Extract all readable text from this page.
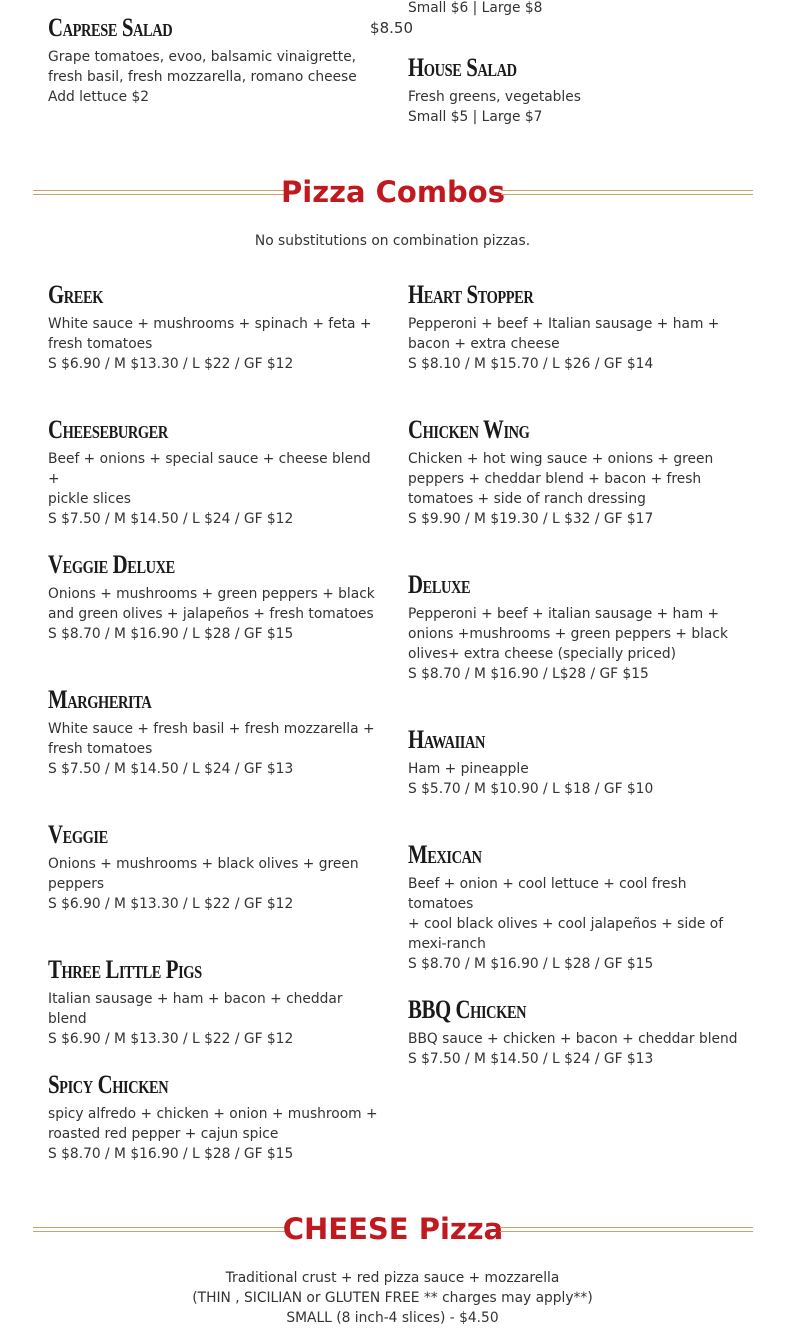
Caprese Salad	$8.50

Grape tomatoes, evoo, balsamic vinaigrette,

fresh basil, fresh mozzarella, romano cheese

Add lettuce $2

Small $6 | Large $8

House Salad

Fresh greens, vegetables

Small $5 | Large $7

Pizza Combos

No substitutions on combination pizzas.

Greek

White sauce + mushrooms + spinach + feta +

fresh tomatoes

S $6.90 / M $13.30 / L $22 / GF $12

Cheeseburger

Beef + onions + special sauce + cheese blend +

pickle slices

S $7.50 / M $14.50 / L $24 / GF $12

Veggie Deluxe

Onions + mushrooms + green peppers + black

and green olives + jalapeños + fresh tomatoes

S $8.70 / M $16.90 / L $28 / GF $15

Margherita

White sauce + fresh basil + fresh mozzarella +

fresh tomatoes

S $7.50 / M $14.50 / L $24 / GF $13

Veggie

Onions + mushrooms + black olives + green

peppers

S $6.90 / M $13.30 / L $22 / GF $12

Three Little Pigs

Italian sausage + ham + bacon + cheddar blend

S $6.90 / M $13.30 / L $22 / GF $12

Spicy Chicken

spicy alfredo + chicken + onion + mushroom +

roasted red pepper + cajun spice

S $8.70 / M $16.90 / L $28 / GF $15

Heart Stopper

Pepperoni + beef + Italian sausage + ham +

bacon + extra cheese

S $8.10 / M $15.70 / L $26 / GF $14

Chicken Wing

Chicken + hot wing sauce + onions + green

peppers + cheddar blend + bacon + fresh

tomatoes + side of ranch dressing

S $9.90 / M $19.30 / L $32 / GF $17

Deluxe

Pepperoni + beef + italian sausage + ham +

onions +mushrooms + green peppers + black

olives+ extra cheese (specially priced)

S $8.70 / M $16.90 / L$28 / GF $15

Hawaiian

Ham + pineapple

S $5.70 / M $10.90 / L $18 / GF $10

Mexican

Beef + onion + cool lettuce + cool fresh tomatoes

+ cool black olives + cool jalapeños + side of

mexi-ranch

S $8.70 / M $16.90 / L $28 / GF $15

BBQ Chicken

BBQ sauce + chicken + bacon + cheddar blend

S $7.50 / M $14.50 / L $24 / GF $13

CHEESE Pizza

Traditional crust + red pizza sauce + mozzarella

(THIN , SICILIAN or GLUTEN FREE ** charges may apply**)

SMALL (8 inch-4 slices) - $4.50
